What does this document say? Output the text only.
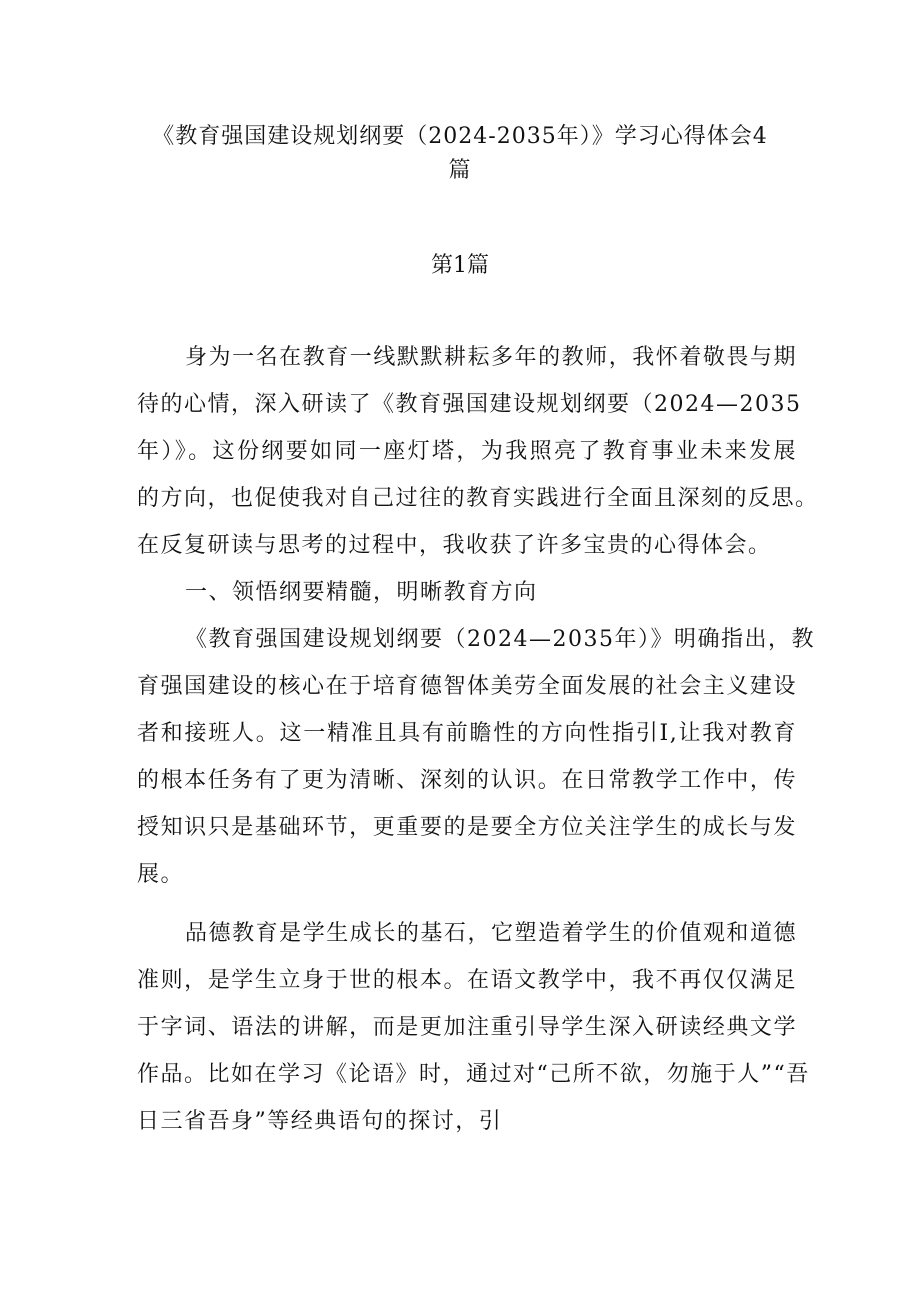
《教育强国建设规划纲要（2024-2035年）》学习心得体会4
篇
第1篇
身为一名在教育一线默默耕耘多年的教师，我怀着敬畏与期
待的心情，深入研读了《教育强国建设规划纲要（2024—2035
年）》。这份纲要如同一座灯塔，为我照亮了教育事业未来发展
的方向，也促使我对自己过往的教育实践进行全面且深刻的反思。
在反复研读与思考的过程中，我收获了许多宝贵的心得体会。
一、领悟纲要精髓，明晰教育方向
《教育强国建设规划纲要（2024—2035年）》明确指出，教
育强国建设的核心在于培育德智体美劳全面发展的社会主义建设
者和接班人。这一精准且具有前瞻性的方向性指引I,让我对教育
的根本任务有了更为清晰、深刻的认识。在日常教学工作中，传
授知识只是基础环节，更重要的是要全方位关注学生的成长与发
展。
品德教育是学生成长的基石，它塑造着学生的价值观和道德
准则，是学生立身于世的根本。在语文教学中，我不再仅仅满足
于字词、语法的讲解，而是更加注重引导学生深入研读经典文学
作品。比如在学习《论语》时，通过对“己所不欲，勿施于人”“吾
日三省吾身”等经典语句的探讨，引
